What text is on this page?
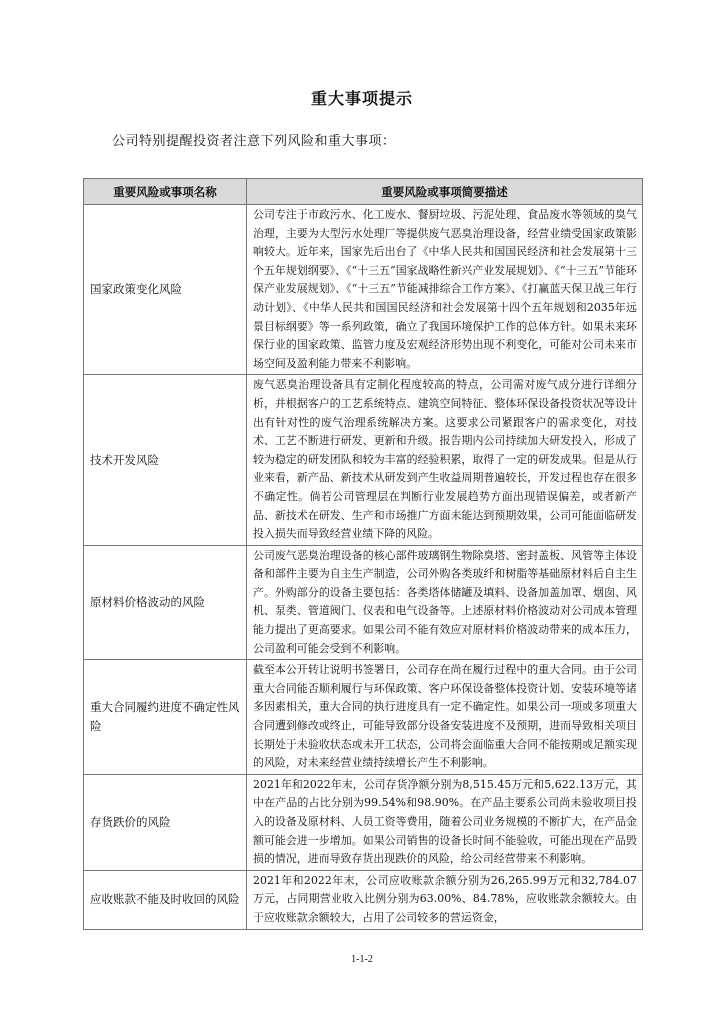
重大事项提示
公司特别提醒投资者注意下列风险和重大事项：
重要风险或事项名称	重要风险或事项简要描述
国家政策变化风险	公司专注于市政污水、化工废水、餐厨垃圾、污泥处理、食品废水等领域的臭气治理，主要为大型污水处理厂等提供废气恶臭治理设备，经营业绩受国家政策影响较大。近年来，国家先后出台了《中华人民共和国国民经济和社会发展第十三个五年规划纲要》、《“十三五”国家战略性新兴产业发展规划》、《“十三五”节能环保产业发展规划》、《“十三五”节能减排综合工作方案》、《打赢蓝天保卫战三年行动计划》、《中华人民共和国国民经济和社会发展第十四个五年规划和2035年远景目标纲要》等一系列政策，确立了我国环境保护工作的总体方针。如果未来环保行业的国家政策、监管力度及宏观经济形势出现不利变化，可能对公司未来市场空间及盈利能力带来不利影响。
技术开发风险	废气恶臭治理设备具有定制化程度较高的特点，公司需对废气成分进行详细分析，并根据客户的工艺系统特点、建筑空间特征、整体环保设备投资状况等设计出有针对性的废气治理系统解决方案。这要求公司紧跟客户的需求变化，对技术、工艺不断进行研发、更新和升级。报告期内公司持续加大研发投入，形成了较为稳定的研发团队和较为丰富的经验积累，取得了一定的研发成果。但是从行业来看，新产品、新技术从研发到产生收益周期普遍较长，开发过程也存在很多不确定性。倘若公司管理层在判断行业发展趋势方面出现错误偏差，或者新产品、新技术在研发、生产和市场推广方面未能达到预期效果，公司可能面临研发投入损失而导致经营业绩下降的风险。
原材料价格波动的风险	公司废气恶臭治理设备的核心部件玻璃钢生物除臭塔、密封盖板、风管等主体设备和部件主要为自主生产制造，公司外购各类玻纤和树脂等基础原材料后自主生产。外购部分的设备主要包括：各类塔体储罐及填料、设备加盖加罩、烟囱、风机、泵类、管道阀门、仪表和电气设备等。上述原材料价格波动对公司成本管理能力提出了更高要求。如果公司不能有效应对原材料价格波动带来的成本压力，公司盈利可能会受到不利影响。
重大合同履约进度不确定性风险	截至本公开转让说明书签署日，公司存在尚在履行过程中的重大合同。由于公司重大合同能否顺利履行与环保政策、客户环保设备整体投资计划、安装环境等诸多因素相关，重大合同的执行进度具有一定不确定性。如果公司一项或多项重大合同遭到修改或终止，可能导致部分设备安装进度不及预期，进而导致相关项目长期处于未验收状态或未开工状态，公司将会面临重大合同不能按期或足额实现的风险，对未来经营业绩持续增长产生不利影响。
存货跌价的风险	2021年和2022年末，公司存货净额分别为8,515.45万元和5,622.13万元，其中在产品的占比分别为99.54%和98.90%。在产品主要系公司尚未验收项目投入的设备及原材料、人员工资等费用，随着公司业务规模的不断扩大，在产品金额可能会进一步增加。如果公司销售的设备长时间不能验收，可能出现在产品毁损的情况，进而导致存货出现跌价的风险，给公司经营带来不利影响。
应收账款不能及时收回的风险	2021年和2022年末，公司应收账款余额分别为26,265.99万元和32,784.07万元，占同期营业收入比例分别为63.00%、84.78%，应收账款余额较大。由于应收账款余额较大，占用了公司较多的营运资金，
1-1-2
